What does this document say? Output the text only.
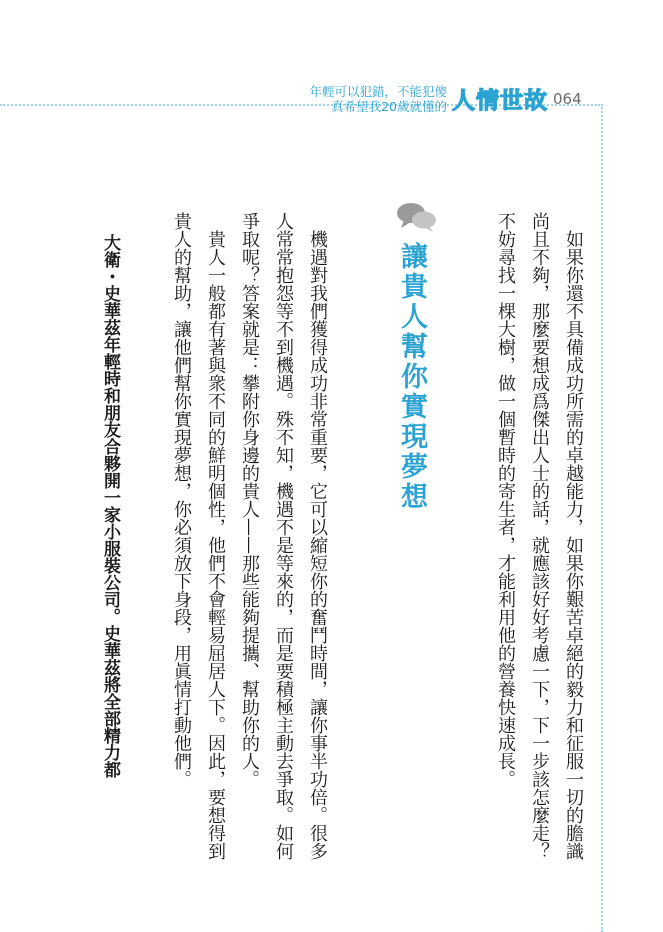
年輕可以犯錯，不能犯傻
真希望我20歲就懂的 人情世故 064

　如果你還不具備成功所需的卓越能力，如果你艱苦卓絕的毅力和征服一切的膽識尚且不夠，那麼要想成爲傑出人士的話，就應該好好考慮一下，下一步該怎麼走？不妨尋找一棵大樹，做一個暫時的寄生者，才能利用他的營養快速成長。

讓貴人幫你實現夢想

　機遇對我們獲得成功非常重要，它可以縮短你的奮鬥時間，讓你事半功倍。很多人常常抱怨等不到機遇。殊不知，機遇不是等來的，而是要積極主動去爭取。如何爭取呢？答案就是：攀附你身邊的貴人——那些能夠提攜、幫助你的人。

　貴人一般都有著與衆不同的鮮明個性，他們不會輕易屈居人下。因此，要想得到貴人的幫助，讓他們幫你實現夢想，你必須放下身段，用眞情打動他們。

大衛・史華茲年輕時和朋友合夥開一家小服裝公司。史華茲將全部精力都
